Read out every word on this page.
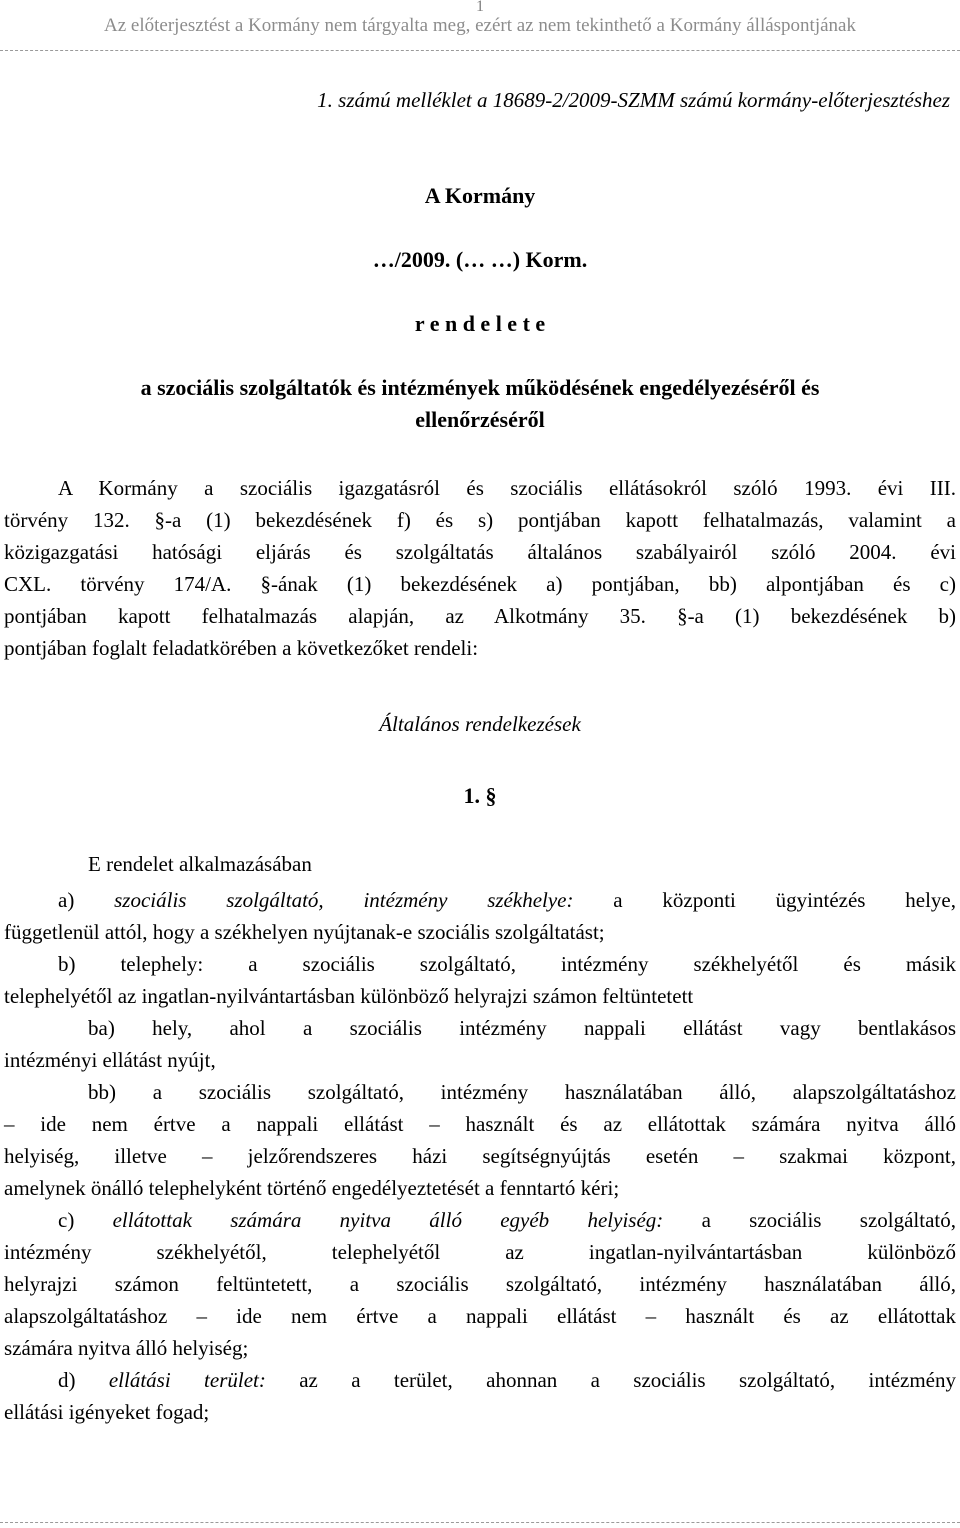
1
Az előterjesztést a Kormány nem tárgyalta meg, ezért az nem tekinthető a Kormány álláspontjának
1. számú melléklet a 18689-2/2009-SZMM számú kormány-előterjesztéshez
A Kormány
…/2009. (… …) Korm.
r e n d e l e t e
a szociális szolgáltatók és intézmények működésének engedélyezéséről és
ellenőrzéséről
A Kormány a szociális igazgatásról és szociális ellátásokról szóló 1993. évi III.
törvény 132. §-a (1) bekezdésének f) és s) pontjában kapott felhatalmazás, valamint a
közigazgatási hatósági eljárás és szolgáltatás általános szabályairól szóló 2004. évi
CXL. törvény 174/A. §-ának (1) bekezdésének a) pontjában, bb) alpontjában és c)
pontjában kapott felhatalmazás alapján, az Alkotmány 35. §-a (1) bekezdésének b)
pontjában foglalt feladatkörében a következőket rendeli:
Általános rendelkezések
1. §
E rendelet alkalmazásában
a) szociális szolgáltató, intézmény székhelye: a központi ügyintézés helye,
függetlenül attól, hogy a székhelyen nyújtanak-e szociális szolgáltatást;
b) telephely: a szociális szolgáltató, intézmény székhelyétől és másik
telephelyétől az ingatlan-nyilvántartásban különböző helyrajzi számon feltüntetett
ba) hely, ahol a szociális intézmény nappali ellátást vagy bentlakásos
intézményi ellátást nyújt,
bb) a szociális szolgáltató, intézmény használatában álló, alapszolgáltatáshoz
– ide nem értve a nappali ellátást – használt és az ellátottak számára nyitva álló
helyiség, illetve – jelzőrendszeres házi segítségnyújtás esetén – szakmai központ,
amelynek önálló telephelyként történő engedélyeztetését a fenntartó kéri;
c) ellátottak számára nyitva álló egyéb helyiség: a szociális szolgáltató,
intézmény székhelyétől, telephelyétől az ingatlan-nyilvántartásban különböző
helyrajzi számon feltüntetett, a szociális szolgáltató, intézmény használatában álló,
alapszolgáltatáshoz – ide nem értve a nappali ellátást – használt és az ellátottak
számára nyitva álló helyiség;
d) ellátási terület: az a terület, ahonnan a szociális szolgáltató, intézmény
ellátási igényeket fogad;
